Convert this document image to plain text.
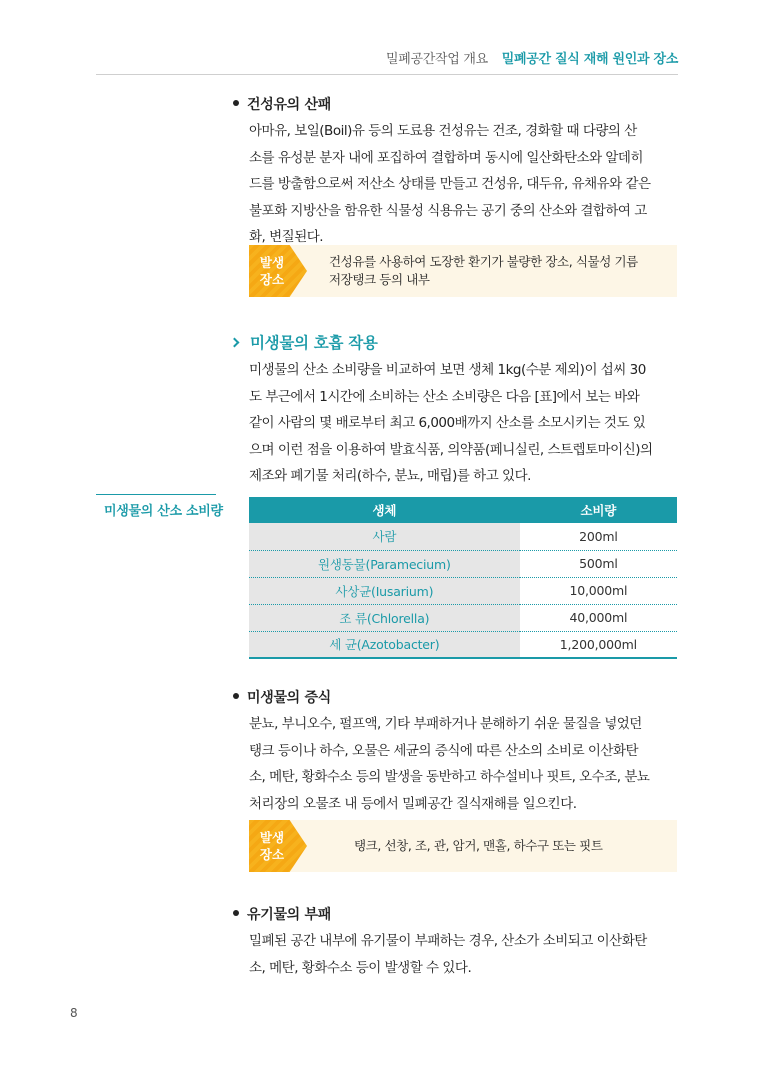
밀폐공간작업 개요 밀폐공간 질식 재해 원인과 장소
건성유의 산패
아마유, 보일(Boil)유 등의 도료용 건성유는 건조, 경화할 때 다량의 산
소를 유성분 분자 내에 포집하여 결합하며 동시에 일산화탄소와 알데히
드를 방출함으로써 저산소 상태를 만들고 건성유, 대두유, 유채유와 같은
불포화 지방산을 함유한 식물성 식용유는 공기 중의 산소와 결합하여 고
화, 변질된다.
발생
장소
건성유를 사용하여 도장한 환기가 불량한 장소, 식물성 기름
저장탱크 등의 내부
미생물의 호흡 작용
미생물의 산소 소비량을 비교하여 보면 생체 1kg(수분 제외)이 섭씨 30
도 부근에서 1시간에 소비하는 산소 소비량은 다음 [표]에서 보는 바와
같이 사람의 몇 배로부터 최고 6,000배까지 산소를 소모시키는 것도 있
으며 이런 점을 이용하여 발효식품, 의약품(페니실린, 스트렙토마이신)의
제조와 폐기물 처리(하수, 분뇨, 매립)를 하고 있다.
미생물의 산소 소비량	생체	소비량
사람	200ml
원생동물(Paramecium)	500ml
사상균(Iusarium)	10,000ml
조 류(Chlorella)	40,000ml
세 균(Azotobacter)	1,200,000ml
미생물의 증식
분뇨, 부니오수, 펄프액, 기타 부패하거나 분해하기 쉬운 물질을 넣었던
탱크 등이나 하수, 오물은 세균의 증식에 따른 산소의 소비로 이산화탄
소, 메탄, 황화수소 등의 발생을 동반하고 하수설비나 핏트, 오수조, 분뇨
처리장의 오물조 내 등에서 밀폐공간 질식재해를 일으킨다.
발생
장소
탱크, 선창, 조, 관, 암거, 맨홀, 하수구 또는 핏트
유기물의 부패
밀폐된 공간 내부에 유기물이 부패하는 경우, 산소가 소비되고 이산화탄
소, 메탄, 황화수소 등이 발생할 수 있다.
8
